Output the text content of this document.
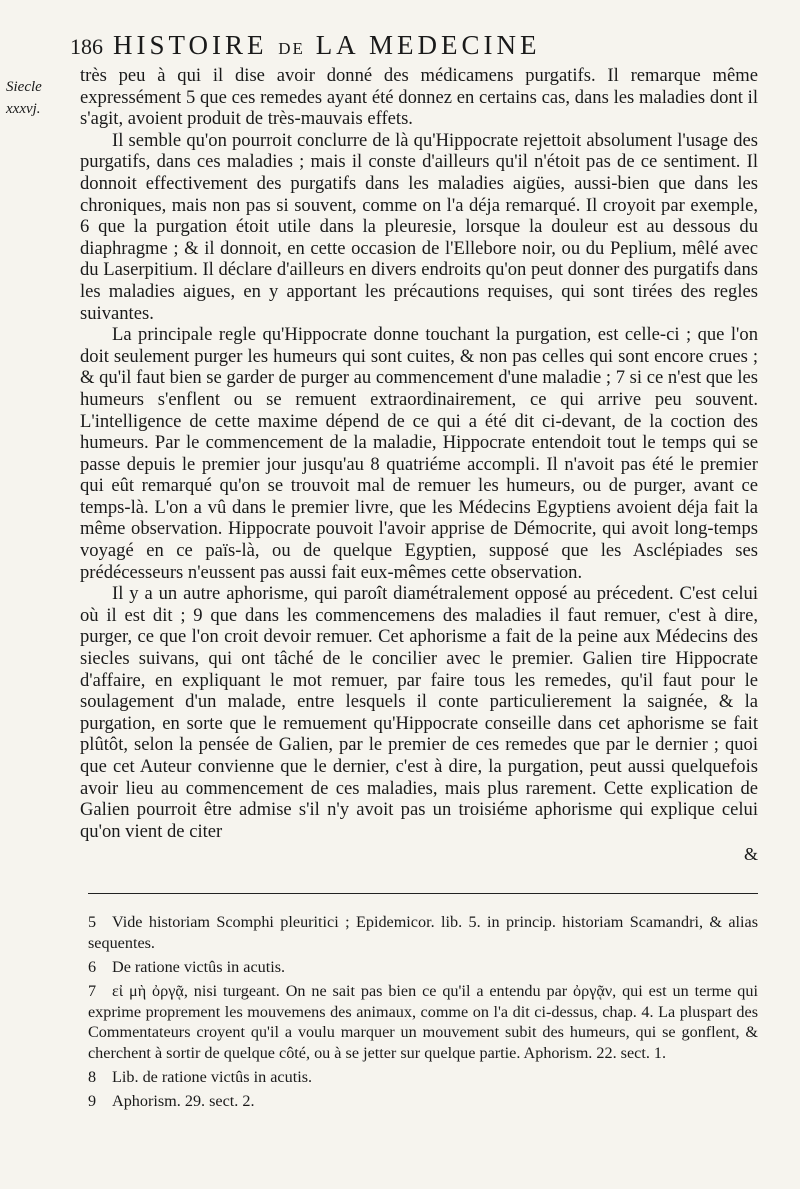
186 HISTOIRE DE LA MEDECINE
Siecle
xxxvj.

très peu à qui il dise avoir donné des médicamens purgatifs. Il remarque même expressément 5 que ces remedes ayant été donnez en certains cas, dans les maladies dont il s'agit, avoient produit de très-mauvais effets.

Il semble qu'on pourroit conclurre de là qu'Hippocrate rejettoit absolument l'usage des purgatifs, dans ces maladies ; mais il conste d'ailleurs qu'il n'étoit pas de ce sentiment. Il donnoit effectivement des purgatifs dans les maladies aigües, aussi-bien que dans les chroniques, mais non pas si souvent, comme on l'a déja remarqué. Il croyoit par exemple, 6 que la purgation étoit utile dans la pleuresie, lorsque la douleur est au dessous du diaphragme ; & il donnoit, en cette occasion de l'Ellebore noir, ou du Peplium, mêlé avec du Laserpitium. Il déclare d'ailleurs en divers endroits qu'on peut donner des purgatifs dans les maladies aigues, en y apportant les précautions requises, qui sont tirées des regles suivantes.

La principale regle qu'Hippocrate donne touchant la purgation, est celle-ci ; que l'on doit seulement purger les humeurs qui sont cuites, & non pas celles qui sont encore crues ; & qu'il faut bien se garder de purger au commencement d'une maladie ; 7 si ce n'est que les humeurs s'enflent ou se remuent extraordinairement, ce qui arrive peu souvent. L'intelligence de cette maxime dépend de ce qui a été dit ci-devant, de la coction des humeurs. Par le commencement de la maladie, Hippocrate entendoit tout le temps qui se passe depuis le premier jour jusqu'au 8 quatriéme accompli. Il n'avoit pas été le premier qui eût remarqué qu'on se trouvoit mal de remuer les humeurs, ou de purger, avant ce temps-là. L'on a vû dans le premier livre, que les Médecins Egyptiens avoient déja fait la même observation. Hippocrate pouvoit l'avoir apprise de Démocrite, qui avoit long-temps voyagé en ce païs-là, ou de quelque Egyptien, supposé que les Asclépiades ses prédécesseurs n'eussent pas aussi fait eux-mêmes cette observation.

Il y a un autre aphorisme, qui paroît diamétralement opposé au précedent. C'est celui où il est dit ; 9 que dans les commencemens des maladies il faut remuer, c'est à dire, purger, ce que l'on croit devoir remuer. Cet aphorisme a fait de la peine aux Médecins des siecles suivans, qui ont tâché de le concilier avec le premier. Galien tire Hippocrate d'affaire, en expliquant le mot remuer, par faire tous les remedes, qu'il faut pour le soulagement d'un malade, entre lesquels il conte particulierement la saignée, & la purgation, en sorte que le remuement qu'Hippocrate conseille dans cet aphorisme se fait plûtôt, selon la pensée de Galien, par le premier de ces remedes que par le dernier ; quoi que cet Auteur convienne que le dernier, c'est à dire, la purgation, peut aussi quelquefois avoir lieu au commencement de ces maladies, mais plus rarement. Cette explication de Galien pourroit être admise s'il n'y avoit pas un troisiéme aphorisme qui explique celui qu'on vient de citer

&

5 Vide historiam Scomphi pleuritici ; Epidemicor. lib. 5. in princip. historiam Scamandri, & alias sequentes.

6 De ratione victûs in acutis.

7 εἰ μὴ ὀργᾷ, nisi turgeant. On ne sait pas bien ce qu'il a entendu par ὀργᾷν, qui est un terme qui exprime proprement les mouvemens des animaux, comme on l'a dit ci-dessus, chap. 4. La pluspart des Commentateurs croyent qu'il a voulu marquer un mouvement subit des humeurs, qui se gonflent, & cherchent à sortir de quelque côté, ou à se jetter sur quelque partie. Aphorism. 22. sect. 1.

8 Lib. de ratione victûs in acutis.

9 Aphorism. 29. sect. 2.
